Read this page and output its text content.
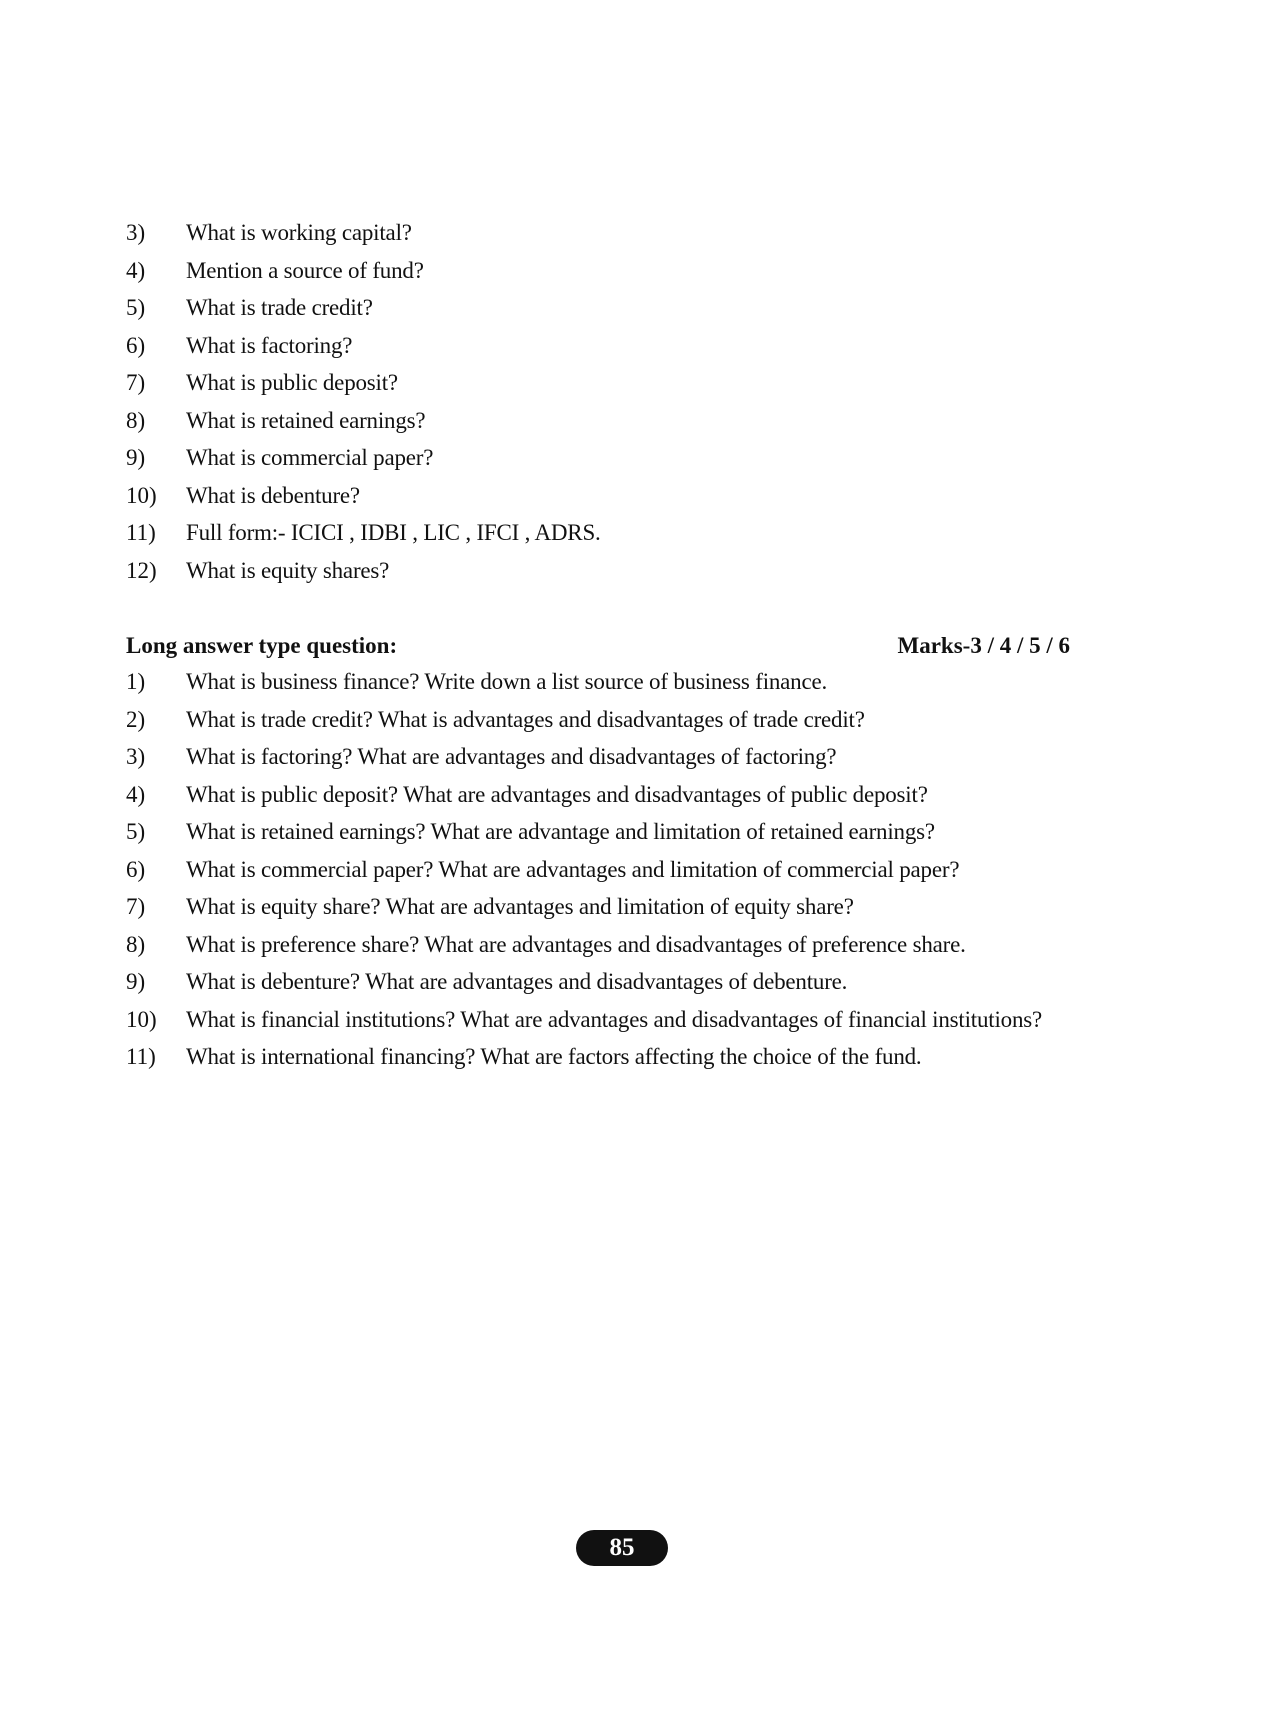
3)	What is working capital?
4)	Mention a source of fund?
5)	What is trade credit?
6)	What is factoring?
7)	What is public deposit?
8)	What is retained earnings?
9)	What is commercial paper?
10)	What is debenture?
11)	Full form:- ICICI , IDBI , LIC , IFCI , ADRS.
12)	What is equity shares?
Long answer type question:	Marks-3 / 4 / 5 / 6
1)	What is business finance? Write down a list source of business finance.
2)	What is trade credit? What is advantages and disadvantages of trade credit?
3)	What is factoring? What are advantages and disadvantages of factoring?
4)	What is public deposit? What are advantages and disadvantages of public deposit?
5)	What is retained earnings? What are advantage and limitation of retained earnings?
6)	What is commercial paper? What are advantages and limitation of commercial paper?
7)	What is equity share? What are advantages and limitation of equity share?
8)	What is preference share? What are advantages and disadvantages of preference share.
9)	What is debenture? What are advantages and disadvantages of debenture.
10)	What is financial institutions? What are advantages and disadvantages of financial institutions?
11)	What is international financing? What are factors affecting the choice of the fund.
85
